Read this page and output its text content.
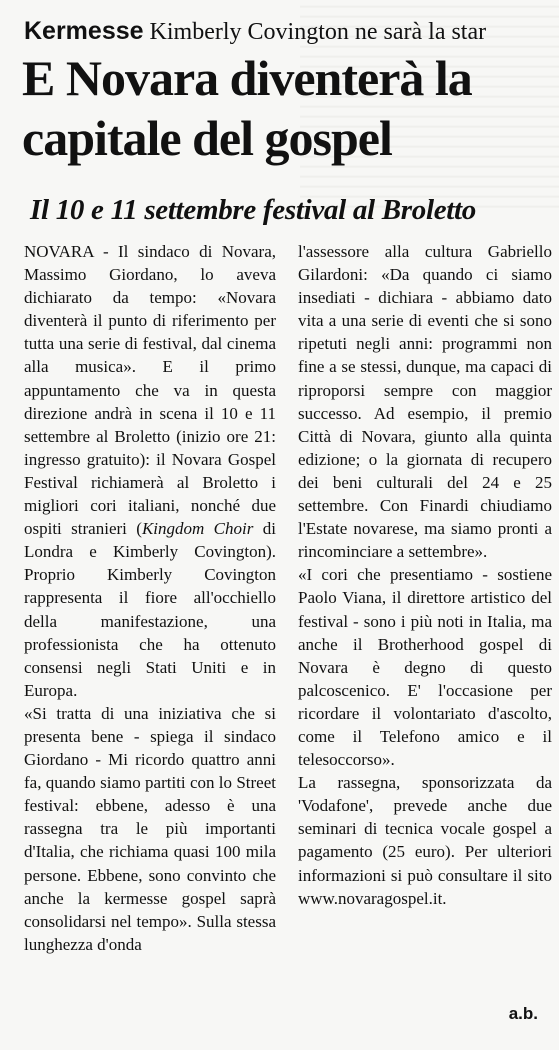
Kermesse Kimberly Covington ne sarà la star

E Novara diventerà la capitale del gospel
Il 10 e 11 settembre festival al Broletto

NOVARA - Il sindaco di Novara, Massimo Giordano, lo aveva dichiarato da tempo: «Novara diventerà il punto di riferimento per tutta una serie di festival, dal cinema alla musica». E il primo appuntamento che va in questa direzione andrà in scena il 10 e 11 settembre al Broletto (inizio ore 21: ingresso gratuito): il Novara Gospel Festival richiamerà al Broletto i migliori cori italiani, nonché due ospiti stranieri (Kingdom Choir di Londra e Kimberly Covington). Proprio Kimberly Covington rappresenta il fiore all'occhiello della manifestazione, una professionista che ha ottenuto consensi negli Stati Uniti e in Europa.

«Si tratta di una iniziativa che si presenta bene - spiega il sindaco Giordano - Mi ricordo quattro anni fa, quando siamo partiti con lo Street festival: ebbene, adesso è una rassegna tra le più importanti d'Italia, che richiama quasi 100 mila persone. Ebbene, sono convinto che anche la kermesse gospel saprà consolidarsi nel tempo». Sulla stessa lunghezza d'onda

l'assessore alla cultura Gabriello Gilardoni: «Da quando ci siamo insediati - dichiara - abbiamo dato vita a una serie di eventi che si sono ripetuti negli anni: programmi non fine a se stessi, dunque, ma capaci di riproporsi sempre con maggior successo. Ad esempio, il premio Città di Novara, giunto alla quinta edizione; o la giornata di recupero dei beni culturali del 24 e 25 settembre. Con Finardi chiudiamo l'Estate novarese, ma siamo pronti a rincominciare a settembre».

«I cori che presentiamo - sostiene Paolo Viana, il direttore artistico del festival - sono i più noti in Italia, ma anche il Brotherhood gospel di Novara è degno di questo palcoscenico. E' l'occasione per ricordare il volontariato d'ascolto, come il Telefono amico e il telesoccorso».

La rassegna, sponsorizzata da 'Vodafone', prevede anche due seminari di tecnica vocale gospel a pagamento (25 euro). Per ulteriori informazioni si può consultare il sito www.novaragospel.it.

a.b.
